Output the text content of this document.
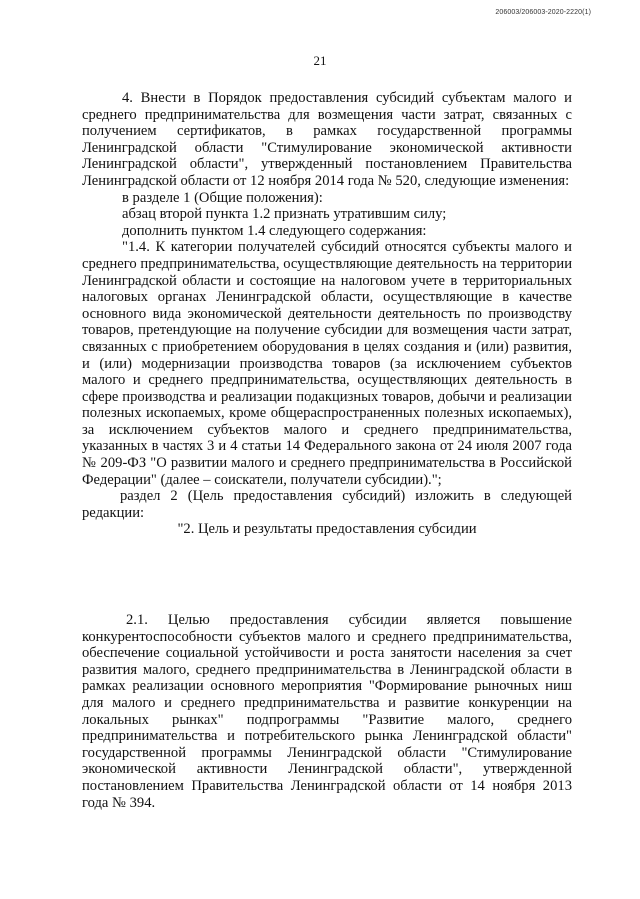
206003/206003-2020-2220(1)
21

4. Внести в Порядок предоставления субсидий субъектам малого и среднего предпринимательства для возмещения части затрат, связанных с получением сертификатов, в рамках государственной программы Ленинградской области "Стимулирование экономической активности Ленинградской области", утвержденный постановлением Правительства Ленинградской области от 12 ноября 2014 года № 520, следующие изменения:

в разделе 1 (Общие положения):

абзац второй пункта 1.2 признать утратившим силу;

дополнить пунктом 1.4 следующего содержания:

"1.4. К категории получателей субсидий относятся субъекты малого и среднего предпринимательства, осуществляющие деятельность на территории Ленинградской области и состоящие на налоговом учете в территориальных налоговых органах Ленинградской области, осуществляющие в качестве основного вида экономической деятельности деятельность по производству товаров, претендующие на получение субсидии для возмещения части затрат, связанных с приобретением оборудования в целях создания и (или) развития, и (или) модернизации производства товаров (за исключением субъектов малого и среднего предпринимательства, осуществляющих деятельность в сфере производства и реализации подакцизных товаров, добычи и реализации полезных ископаемых, кроме общераспространенных полезных ископаемых), за исключением субъектов малого и среднего предпринимательства, указанных в частях 3 и 4 статьи 14 Федерального закона от 24 июля 2007 года № 209-ФЗ "О развитии малого и среднего предпринимательства в Российской Федерации" (далее – соискатели, получатели субсидии).";

раздел 2 (Цель предоставления субсидий) изложить в следующей редакции:

"2. Цель и результаты предоставления субсидии

2.1. Целью предоставления субсидии является повышение конкурентоспособности субъектов малого и среднего предпринимательства, обеспечение социальной устойчивости и роста занятости населения за счет развития малого, среднего предпринимательства в Ленинградской области в рамках реализации основного мероприятия "Формирование рыночных ниш для малого и среднего предпринимательства и развитие конкуренции на локальных рынках" подпрограммы "Развитие малого, среднего предпринимательства и потребительского рынка Ленинградской области" государственной программы Ленинградской области "Стимулирование экономической активности Ленинградской области", утвержденной постановлением Правительства Ленинградской области от 14 ноября 2013 года № 394.
